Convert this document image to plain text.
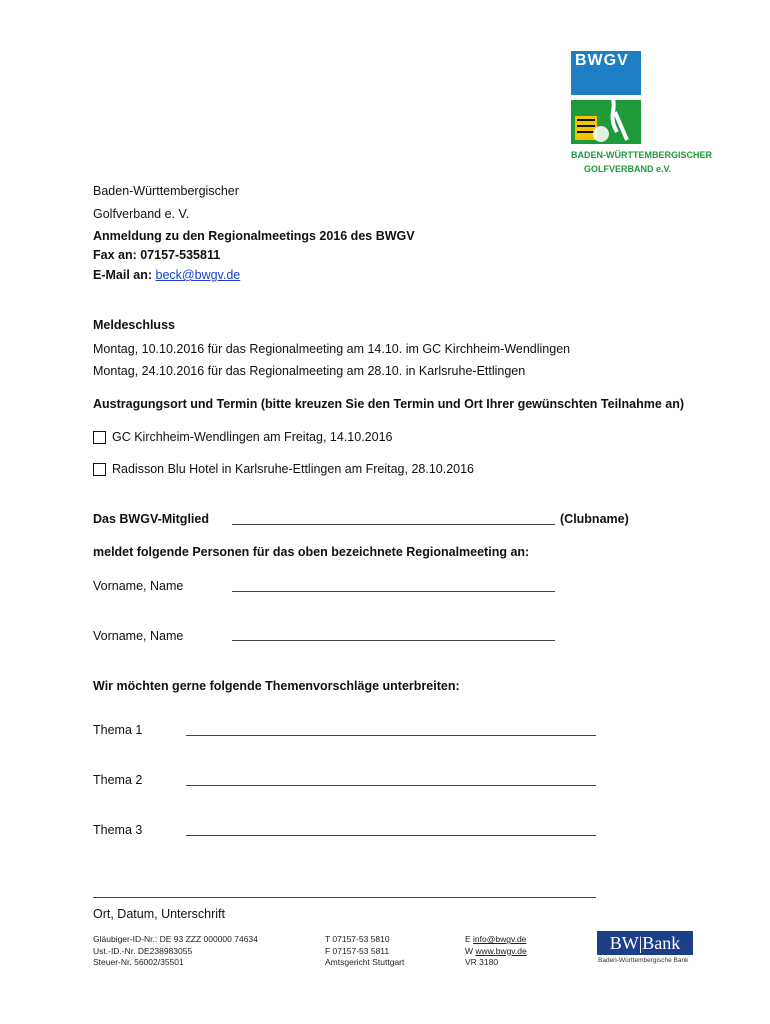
BWGV
BADEN-WÜRTTEMBERGISCHER
GOLFVERBAND e.V.
Baden-Württembergischer
Golfverband e. V.
Anmeldung zu den Regionalmeetings 2016 des BWGV
Fax an: 07157-535811
E-Mail an: beck@bwgv.de
Meldeschluss
Montag, 10.10.2016 für das Regionalmeeting am 14.10. im GC Kirchheim-Wendlingen
Montag, 24.10.2016 für das Regionalmeeting am 28.10. in Karlsruhe-Ettlingen
Austragungsort und Termin (bitte kreuzen Sie den Termin und Ort Ihrer gewünschten Teilnahme an)
GC Kirchheim-Wendlingen am Freitag, 14.10.2016
Radisson Blu Hotel in Karlsruhe-Ettlingen am Freitag, 28.10.2016
Das BWGV-Mitglied	(Clubname)
meldet folgende Personen für das oben bezeichnete Regionalmeeting an:
Vorname, Name
Vorname, Name
Wir möchten gerne folgende Themenvorschläge unterbreiten:
Thema 1
Thema 2
Thema 3
Ort, Datum, Unterschrift
Gläubiger-ID-Nr.: DE 93 ZZZ 000000 74634
Ust.-ID.-Nr. DE238983055
Steuer-Nr. 56002/35501
T 07157-53 5810
F 07157-53 5811
Amtsgericht Stuttgart
E info@bwgv.de
W www.bwgv.de
VR 3180
BW|Bank
Baden-Württembergische Bank
